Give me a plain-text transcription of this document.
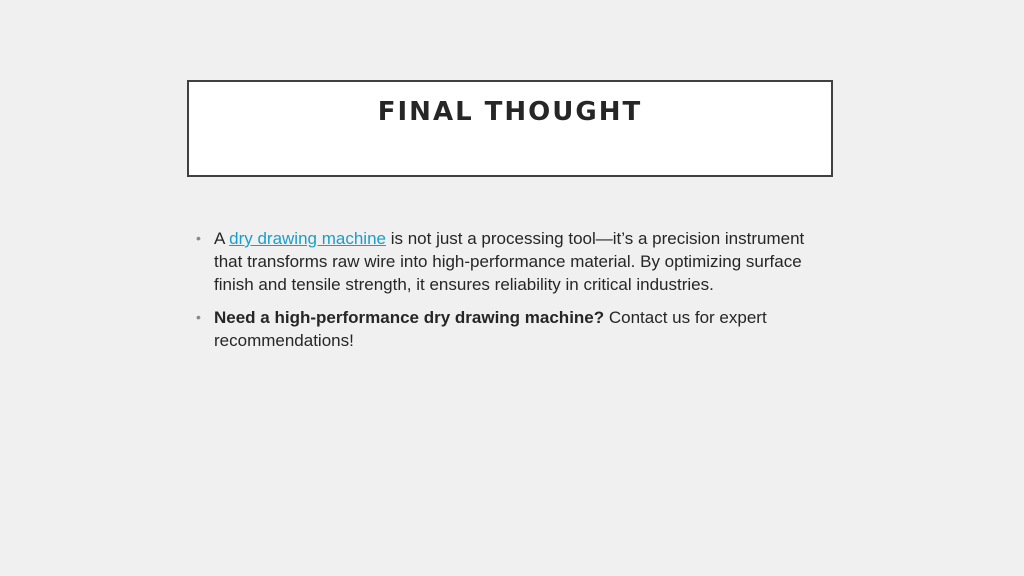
FINAL THOUGHT
• A dry drawing machine is not just a processing tool—it’s a precision instrument that transforms raw wire into high-performance material. By optimizing surface finish and tensile strength, it ensures reliability in critical industries.
• Need a high-performance dry drawing machine? Contact us for expert recommendations!
